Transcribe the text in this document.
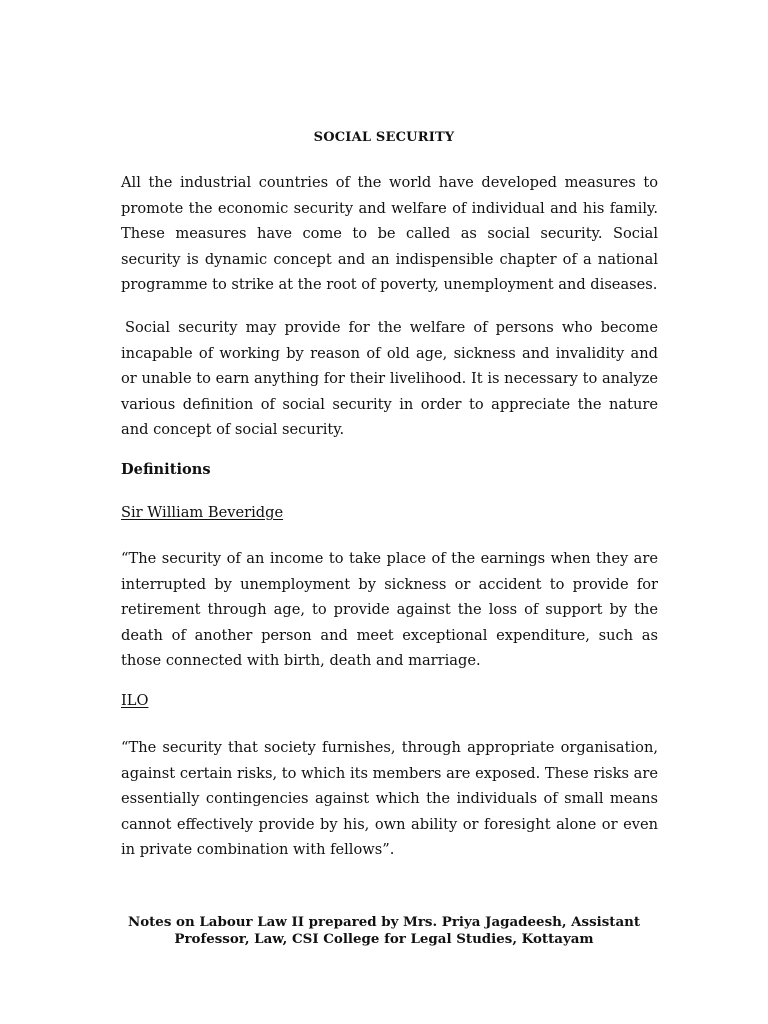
SOCIAL SECURITY

All the industrial countries of the world have developed measures to promote the economic security and welfare of individual and his family. These measures have come to be called as social security. Social security is dynamic concept and an indispensible chapter of a national programme to strike at the root of poverty, unemployment and diseases.

Social security may provide for the welfare of persons who become incapable of working by reason of old age, sickness and invalidity and or unable to earn anything for their livelihood. It is necessary to analyze various definition of social security in order to appreciate the nature and concept of social security.

Definitions

Sir William Beveridge

“The security of an income to take place of the earnings when they are interrupted by unemployment by sickness or accident to provide for retirement through age, to provide against the loss of support by the death of another person and meet exceptional expenditure, such as those connected with birth, death and marriage.

ILO

“The security that society furnishes, through appropriate organisation, against certain risks, to which its members are exposed. These risks are essentially contingencies against which the individuals of small means cannot effectively provide by his, own ability or foresight alone or even in private combination with fellows”.

Notes on Labour Law II prepared by Mrs. Priya Jagadeesh, Assistant
Professor, Law, CSI College for Legal Studies, Kottayam
